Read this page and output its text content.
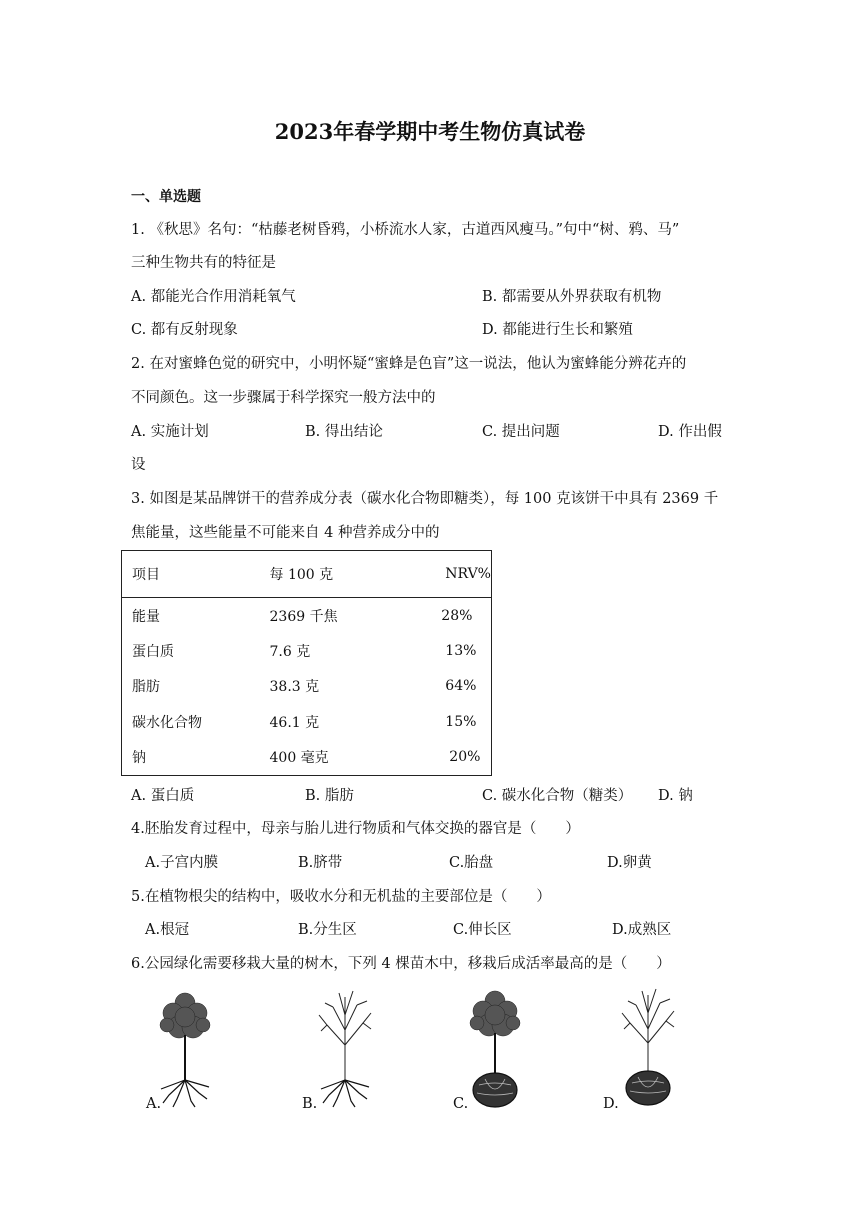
2023年春学期中考生物仿真试卷
一、单选题
1. 《秋思》名句：“枯藤老树昏鸦，小桥流水人家，古道西风瘦马。”句中“树、鸦、马”
三种生物共有的特征是
A. 都能光合作用消耗氧气	B. 都需要从外界获取有机物
C. 都有反射现象	D. 都能进行生长和繁殖
2. 在对蜜蜂色觉的研究中，小明怀疑“蜜蜂是色盲”这一说法，他认为蜜蜂能分辨花卉的
不同颜色。这一步骤属于科学探究一般方法中的
A. 实施计划	B. 得出结论	C. 提出问题	D. 作出假
设
3. 如图是某品牌饼干的营养成分表（碳水化合物即糖类），每 100 克该饼干中具有 2369 千
焦能量，这些能量不可能来自 4 种营养成分中的
项目	每 100 克	NRV%
能量	2369 千焦	28%
蛋白质	7.6 克	13%
脂肪	38.3 克	64%
碳水化合物	46.1 克	15%
钠	400 毫克	20%
A. 蛋白质	B. 脂肪	C. 碳水化合物（糖类） D. 钠
4.胚胎发育过程中，母亲与胎儿进行物质和气体交换的器官是（　　）
A.子宫内膜	B.脐带	C.胎盘	D.卵黄
5.在植物根尖的结构中，吸收水分和无机盐的主要部位是（　　）
A.根冠	B.分生区	C.伸长区	D.成熟区
6.公园绿化需要移栽大量的树木，下列 4 棵苗木中，移栽后成活率最高的是（　　）
A.	B.	C.	D.
